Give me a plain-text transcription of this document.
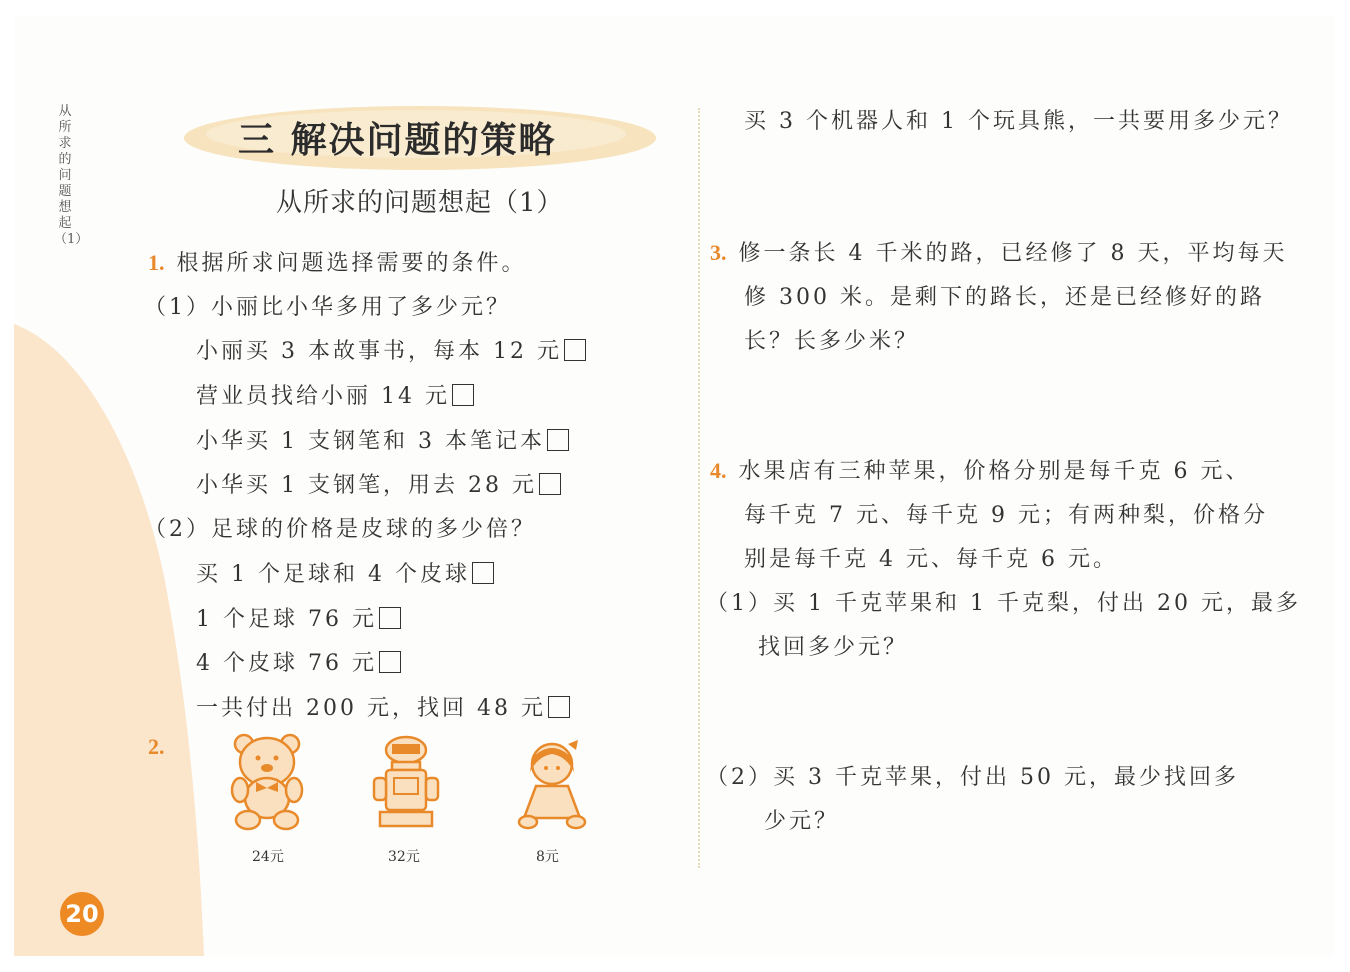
从所求的问题想起（1）
三 解决问题的策略
从所求的问题想起（1）
1. 根据所求问题选择需要的条件。
（1）小丽比小华多用了多少元？
小丽买 3 本故事书，每本 12 元
营业员找给小丽 14 元
小华买 1 支钢笔和 3 本笔记本
小华买 1 支钢笔，用去 28 元
（2）足球的价格是皮球的多少倍？
买 1 个足球和 4 个皮球
1 个足球 76 元
4 个皮球 76 元
一共付出 200 元，找回 48 元
2.
24元	32元	8元
买 3 个机器人和 1 个玩具熊，一共要用多少元？
3. 修一条长 4 千米的路，已经修了 8 天，平均每天
修 300 米。是剩下的路长，还是已经修好的路
长？长多少米？
4. 水果店有三种苹果，价格分别是每千克 6 元、
每千克 7 元、每千克 9 元；有两种梨，价格分
别是每千克 4 元、每千克 6 元。
（1）买 1 千克苹果和 1 千克梨，付出 20 元，最多
找回多少元？
（2）买 3 千克苹果，付出 50 元，最少找回多
少元？
20
